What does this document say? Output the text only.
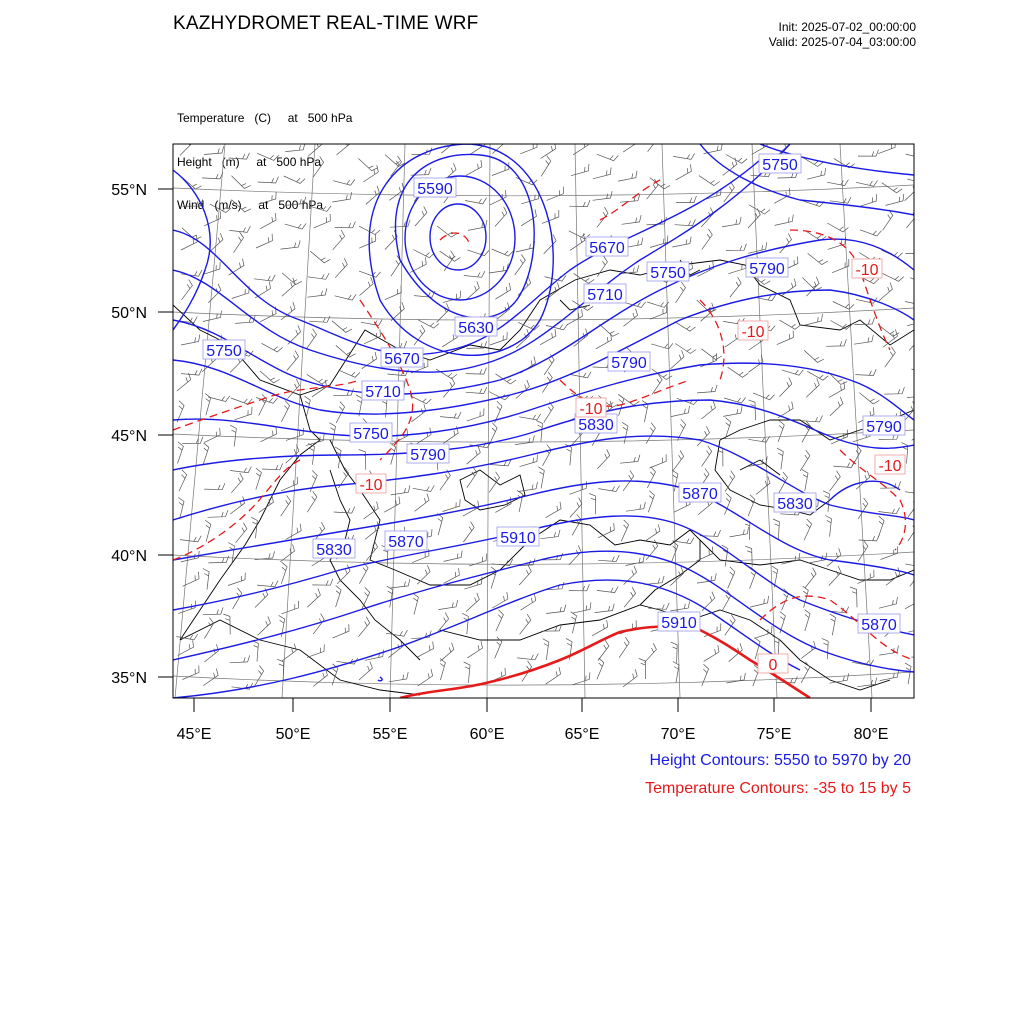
KAZHYDROMET REAL-TIME WRF	Init: 2025-07-02_00:00:00
Valid: 2025-07-04_03:00:00

Temperature   (C)     at   500 hPa

Height   (m)     at   500 hPa

Wind   (m/s)     at   500 hPa

55°N
50°N
45°N
40°N
35°N
45°E	50°E	55°E	60°E	65°E	70°E	75°E	80°E
5590
5630
5670
5670
5710
5710
5750
5750
5750
5750
5790
5790
5790
5790
5830
5830
5830
5870
5870
5870
5910
5910
-10
-10
-10
-10
-10
0
Height Contours: 5550 to 5970 by 20
Temperature Contours: -35 to 15 by 5
